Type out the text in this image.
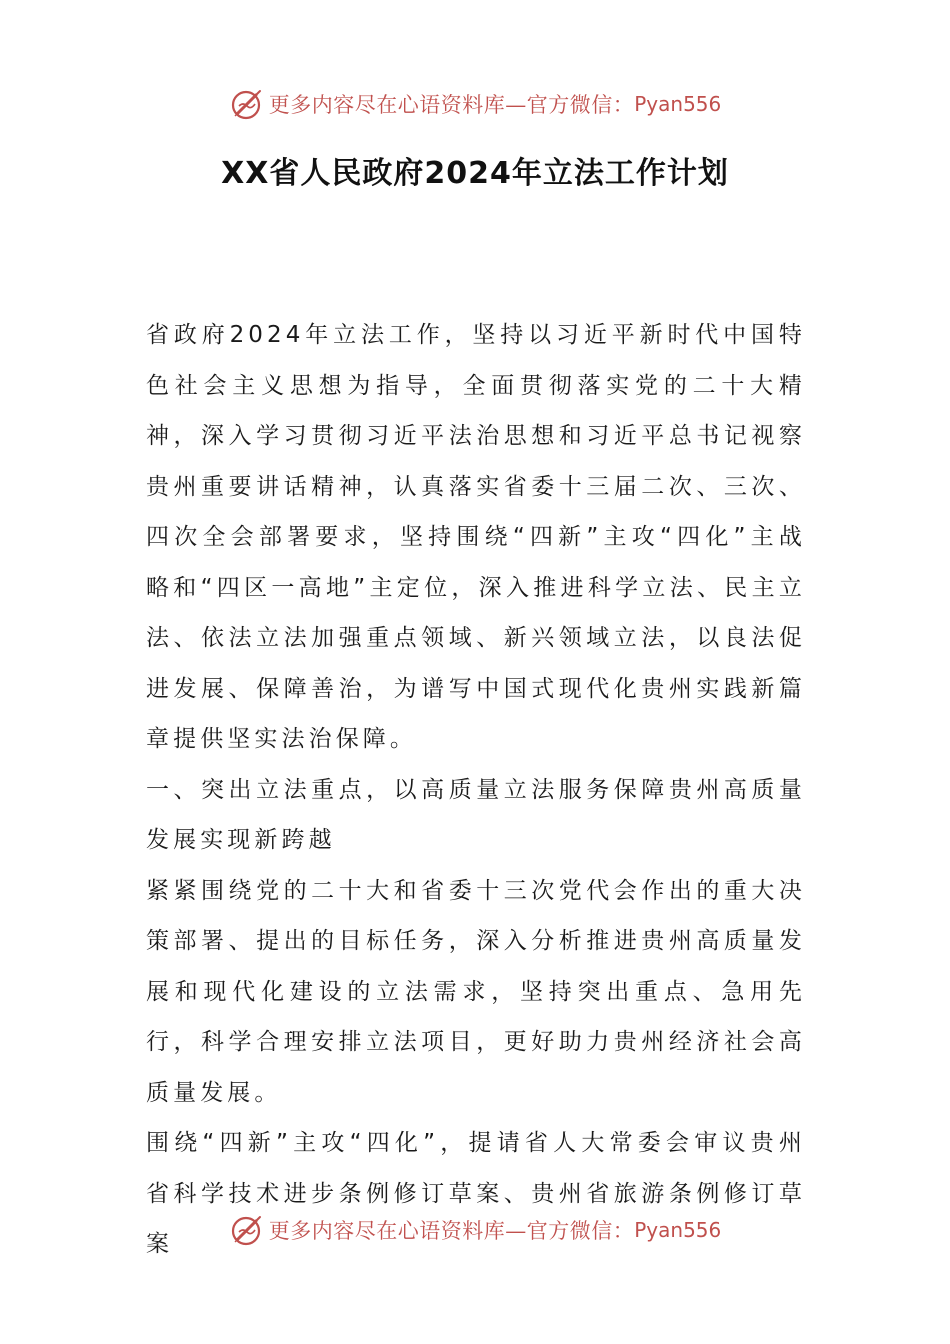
更多内容尽在心语资料库—官方微信： Pyan556
XX省人民政府2024年立法工作计划

省政府2024年立法工作，坚持以习近平新时代中国特色社会主义思想为指导，全面贯彻落实党的二十大精神，深入学习贯彻习近平法治思想和习近平总书记视察贵州重要讲话精神，认真落实省委十三届二次、三次、四次全会部署要求，坚持围绕“四新”主攻“四化”主战略和“四区一高地”主定位，深入推进科学立法、民主立法、依法立法加强重点领域、新兴领域立法，以良法促进发展、保障善治，为谱写中国式现代化贵州实践新篇章提供坚实法治保障。

一、突出立法重点，以高质量立法服务保障贵州高质量发展实现新跨越

紧紧围绕党的二十大和省委十三次党代会作出的重大决策部署、提出的目标任务，深入分析推进贵州高质量发展和现代化建设的立法需求，坚持突出重点、急用先行，科学合理安排立法项目，更好助力贵州经济社会高质量发展。

围绕“四新”主攻“四化”，提请省人大常委会审议贵州省科学技术进步条例修订草案、贵州省旅游条例修订草案	更多内容尽在心语资料库—官方微信： Pyan556
